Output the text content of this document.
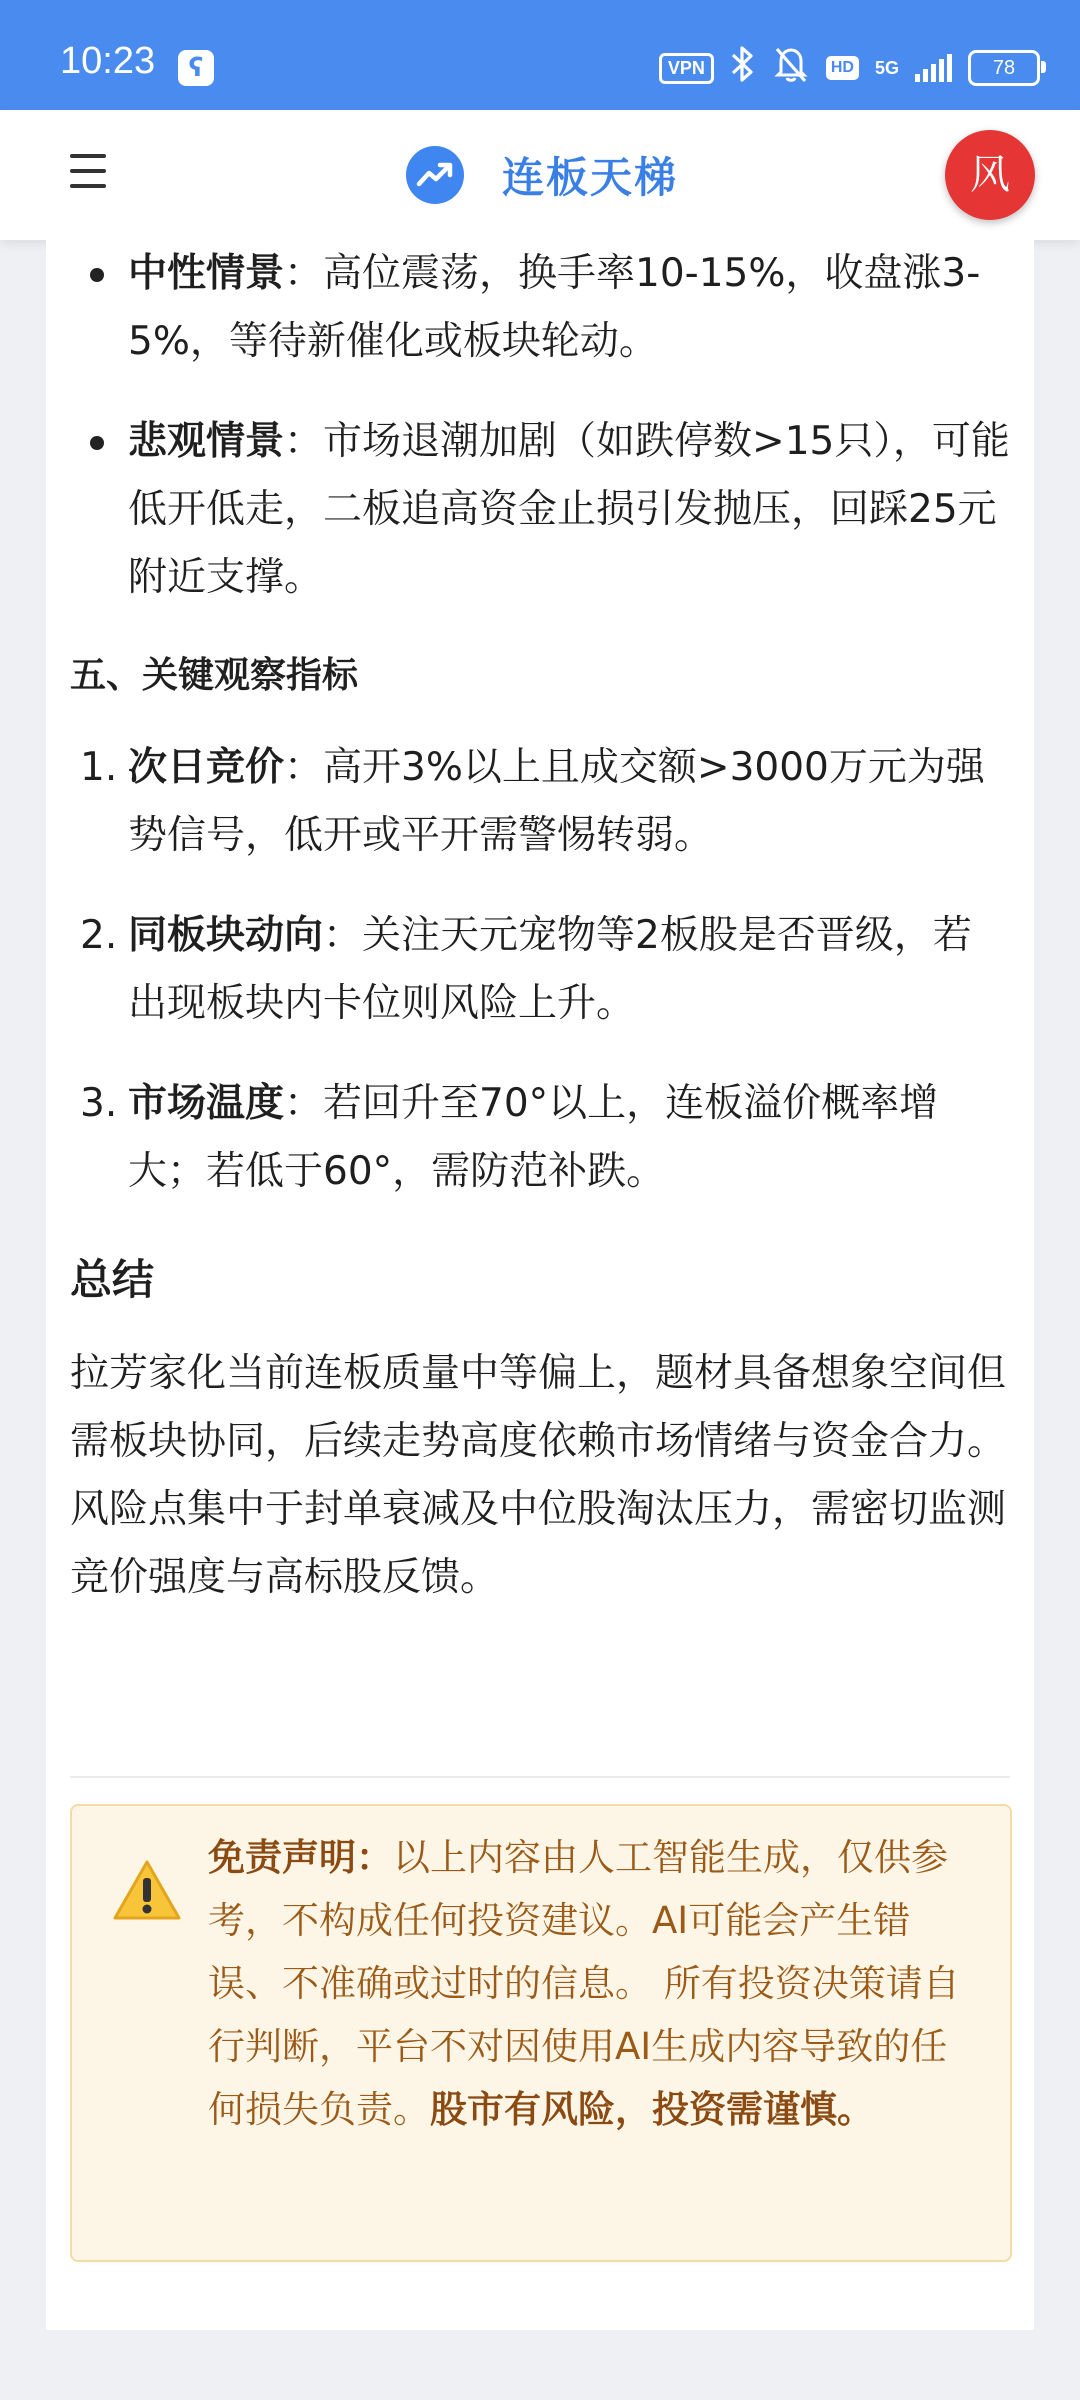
10:23	ʕ	VPN	HD 5G	78
连板天梯	风
中性情景：高位震荡，换手率10-15%，收盘涨3-5%，等待新催化或板块轮动。
悲观情景：市场退潮加剧（如跌停数>15只），可能低开低走，二板追高资金止损引发抛压，回踩25元附近支撑。
五、关键观察指标
1. 次日竞价：高开3%以上且成交额>3000万元为强势信号，低开或平开需警惕转弱。
2. 同板块动向：关注天元宠物等2板股是否晋级，若出现板块内卡位则风险上升。
3. 市场温度：若回升至70°以上，连板溢价概率增大；若低于60°，需防范补跌。
总结

拉芳家化当前连板质量中等偏上，题材具备想象空间但需板块协同，后续走势高度依赖市场情绪与资金合力。风险点集中于封单衰减及中位股淘汰压力，需密切监测竞价强度与高标股反馈。

免责声明：以上内容由人工智能生成，仅供参考，不构成任何投资建议。AI可能会产生错误、不准确或过时的信息。 所有投资决策请自行判断，平台不对因使用AI生成内容导致的任何损失负责。股市有风险，投资需谨慎。
